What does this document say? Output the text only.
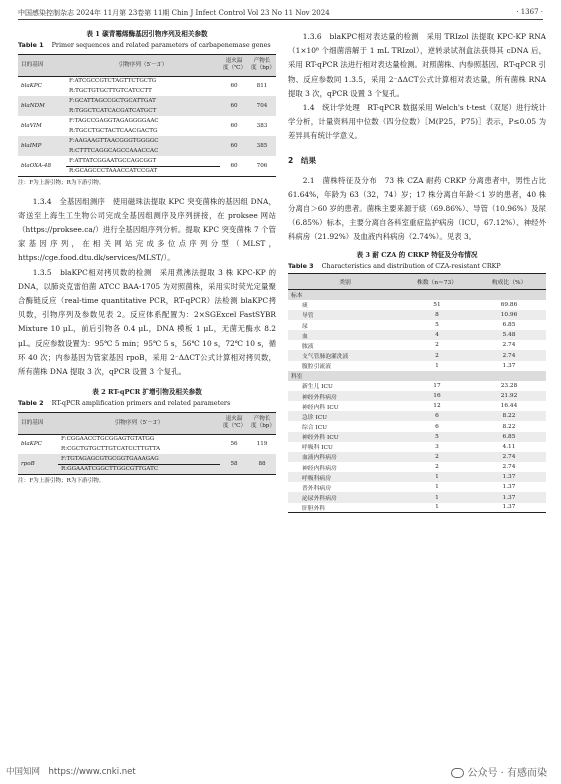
中国感染控制杂志 2024年 11月第 23卷第 11期 Chin J Infect Control Vol 23 No 11 Nov 2024	· 1367 ·
表 1 碳青霉烯酶基因引物序列及相关参数
Table 1 Primer sequences and related parameters of carbapenemase genes
目的基因	引物序列（5′－3′）	退火温度（℃）	产物长度（bp）
blaKPC	F:ATCGCCGTCTAGTTCTGCTG	60	811
	R:TGCTGTGCTTGTCATCCTT		
blaNDM	F:GCATTAGCCGCTGCATTGAT	60	704
	R:TGGCTCATCACGATCATGCT		
blaVIM	F:TAGCCGAGGTAGAGGGGAAC	60	383
	R:TGCCTGCTACTCAACGACTG		
blaIMP	F:AAGAAGTTAACGGGTGGGGC	60	385
	R:CTTTCAGGCAGCCAAACCAC		
blaOXA-48	F:ATTATCGGAATGCCAGCGGT	60	706
	R:GCAGCCCTAAACCATCCGAT		
注：F为上游引物；R为下游引物。
1.3.4　全基因组测序　使用磁珠法提取 KPC 突变菌株的基因组 DNA，寄送至上海生工生物公司完成全基因组测序及序列拼接，在 proksee 网站（https://proksee.ca/）进行全基因组序列分析。提取 KPC 突变菌株 7 个管家基因序列，在相关网站完成多位点序列分型（MLST，https://cge.food.dtu.dk/services/MLST/）。
1.3.5　blaKPC相对拷贝数的检测　采用煮沸法提取 3 株 KPC-KP 的 DNA，以肺炎克雷伯菌 ATCC BAA-1705 为对照菌株，采用实时荧光定量聚合酶链反应（real-time quantitative PCR，RT-qPCR）法检测 blaKPC拷贝数，引物序列及参数见表 2。反应体系配置为：2×SGExcel FastSYBR Mixture 10 μL，前后引物各 0.4 μL，DNA 模板 1 μL，无菌无酶水 8.2 μL。反应参数设置为：95℃ 5 min；95℃ 5 s，56℃ 10 s，72℃ 10 s，循环 40 次；内参基因为管家基因 rpoB，采用 2⁻ΔΔCT公式计算相对拷贝数，所有菌株 DNA 提取 3 次，qPCR 设置 3 个复孔。
表 2 RT-qPCR 扩增引物及相关参数
Table 2 RT-qPCR amplification primers and related parameters
目的基因	引物序列（5′－3′）	退火温度（℃）	产物长度（bp）
blaKPC	F:CGGAACCTGCGGAGTGTATGG	56	119
	R:CGCTGTGCTTGTCATCCTTGTTA		
rpoB	F:TGTAGAGCGTGCGGTGAAAGAG	58	88
	R:GGAAATCGGCTTGGCGTTGATC		
注：F为上游引物；R为下游引物。
1.3.6　blaKPC相对表达量的检测　采用 TRIzol 法提取 KPC-KP RNA（1×10⁸ 个细菌溶解于 1 mL TRIzol），逆转录试剂盒法获得其 cDNA 后，采用 RT-qPCR 法进行相对表达量检测。对照菌株、内参照基因、RT-qPCR 引物、反应参数同 1.3.5，采用 2⁻ΔΔCT公式计算相对表达量，所有菌株 RNA 提取 3 次，qPCR 设置 3 个复孔。
1.4　统计学处理　RT-qPCR 数据采用 Welch's t-test（双尾）进行统计学分析，计量资料用中位数（四分位数）［M(P25，P75)］表示，P≤0.05 为差异具有统计学意义。
2　结果
2.1　菌株特征及分布　73 株 CZA 耐药 CRKP 分离患者中，男性占比 61.64%，年龄为 63（32，74）岁；17 株分离自年龄＜1 岁的患者，40 株分离自＞60 岁的患者。菌株主要来源于痰（69.86%）、导管（10.96%）及尿（6.85%）标本，主要分离自各科室重症监护病房（ICU，67.12%）、神经外科病房（21.92%）及血液内科病房（2.74%）。见表 3。
表 3 耐 CZA 的 CRKP 特征及分布情况
Table 3 Characteristics and distribution of CZA-resistant CRKP
类别	株数（n＝73）	构成比（%）
标本		
痰	51	69.86
导管	8	10.96
尿	5	6.85
血	4	5.48
脓液	2	2.74
支气管肺泡灌洗液	2	2.74
腹腔引流液	1	1.37
科室		
新生儿 ICU	17	23.28
神经外科病房	16	21.92
神经内科 ICU	12	16.44
急诊 ICU	6	8.22
综合 ICU	6	8.22
神经外科 ICU	5	6.85
呼吸科 ICU	3	4.11
血液内科病房	2	2.74
神经内科病房	2	2.74
呼吸科病房	1	1.37
普外科病房	1	1.37
泌尿外科病房	1	1.37
肝胆外科	1	1.37
中国知网　https://www.cnki.net	公众号 · 有感而染
